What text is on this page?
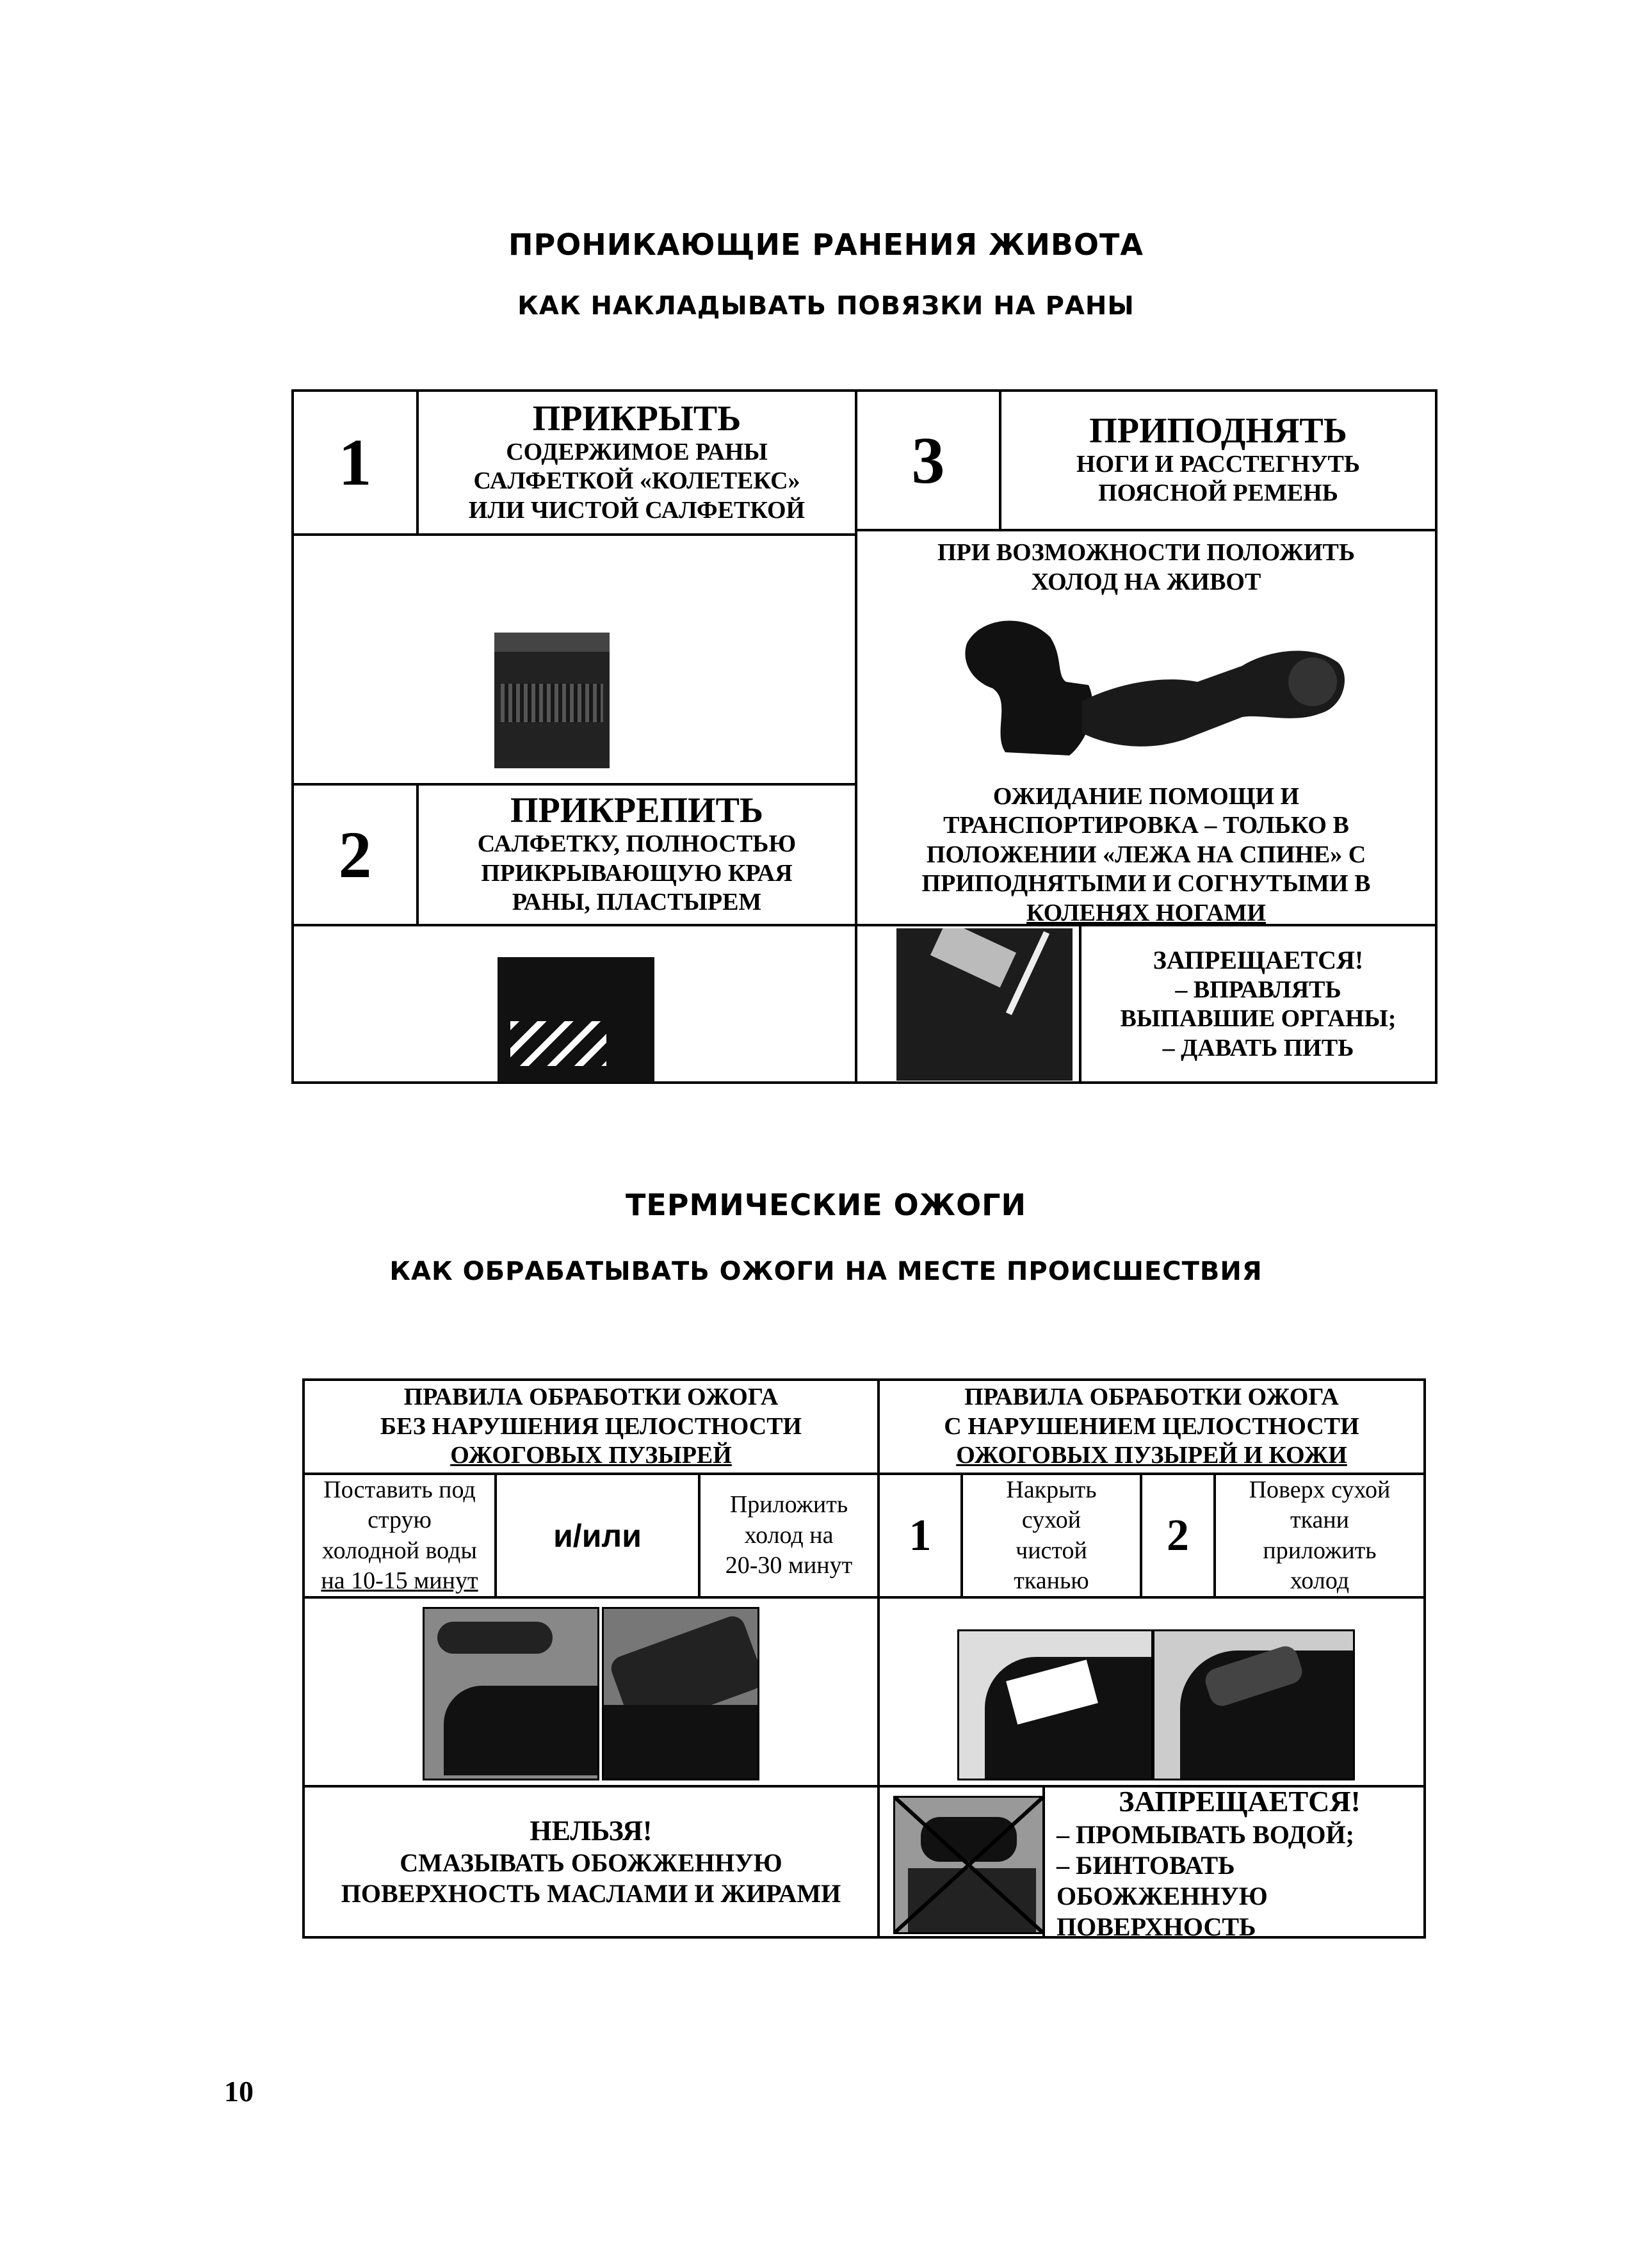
ПРОНИКАЮЩИЕ РАНЕНИЯ ЖИВОТА
КАК НАКЛАДЫВАТЬ ПОВЯЗКИ НА РАНЫ
1
ПРИКРЫТЬ
СОДЕРЖИМОЕ РАНЫ
САЛФЕТКОЙ «КОЛЕТЕКС»
ИЛИ ЧИСТОЙ САЛФЕТКОЙ
2
ПРИКРЕПИТЬ
САЛФЕТКУ, ПОЛНОСТЬЮ
ПРИКРЫВАЮЩУЮ КРАЯ
РАНЫ, ПЛАСТЫРЕМ
3	ПРИПОДНЯТЬ
НОГИ И РАССТЕГНУТЬ
ПОЯСНОЙ РЕМЕНЬ
ПРИ ВОЗМОЖНОСТИ ПОЛОЖИТЬ
ХОЛОД НА ЖИВОТ
ОЖИДАНИЕ ПОМОЩИ И
ТРАНСПОРТИРОВКА – ТОЛЬКО В
ПОЛОЖЕНИИ «ЛЕЖА НА СПИНЕ» С
ПРИПОДНЯТЫМИ И СОГНУТЫМИ В
КОЛЕНЯХ НОГАМИ
ЗАПРЕЩАЕТСЯ!
– ВПРАВЛЯТЬ
ВЫПАВШИЕ ОРГАНЫ;
– ДАВАТЬ ПИТЬ
ТЕРМИЧЕСКИЕ ОЖОГИ
КАК ОБРАБАТЫВАТЬ ОЖОГИ НА МЕСТЕ ПРОИСШЕСТВИЯ
ПРАВИЛА ОБРАБОТКИ ОЖОГА
БЕЗ НАРУШЕНИЯ ЦЕЛОСТНОСТИ
ОЖОГОВЫХ ПУЗЫРЕЙ
ПРАВИЛА ОБРАБОТКИ ОЖОГА
С НАРУШЕНИЕМ ЦЕЛОСТНОСТИ
ОЖОГОВЫХ ПУЗЫРЕЙ И КОЖИ
Поставить под
струю
холодной воды
на 10-15 минут
и/или
Приложить
холод на
20-30 минут
1
Накрыть
сухой
чистой
тканью
2
Поверх сухой
ткани
приложить
холод
НЕЛЬЗЯ!
СМАЗЫВАТЬ ОБОЖЖЕННУЮ
ПОВЕРХНОСТЬ МАСЛАМИ И ЖИРАМИ
ЗАПРЕЩАЕТСЯ!
– ПРОМЫВАТЬ ВОДОЙ;
– БИНТОВАТЬ
ОБОЖЖЕННУЮ
ПОВЕРХНОСТЬ
10
